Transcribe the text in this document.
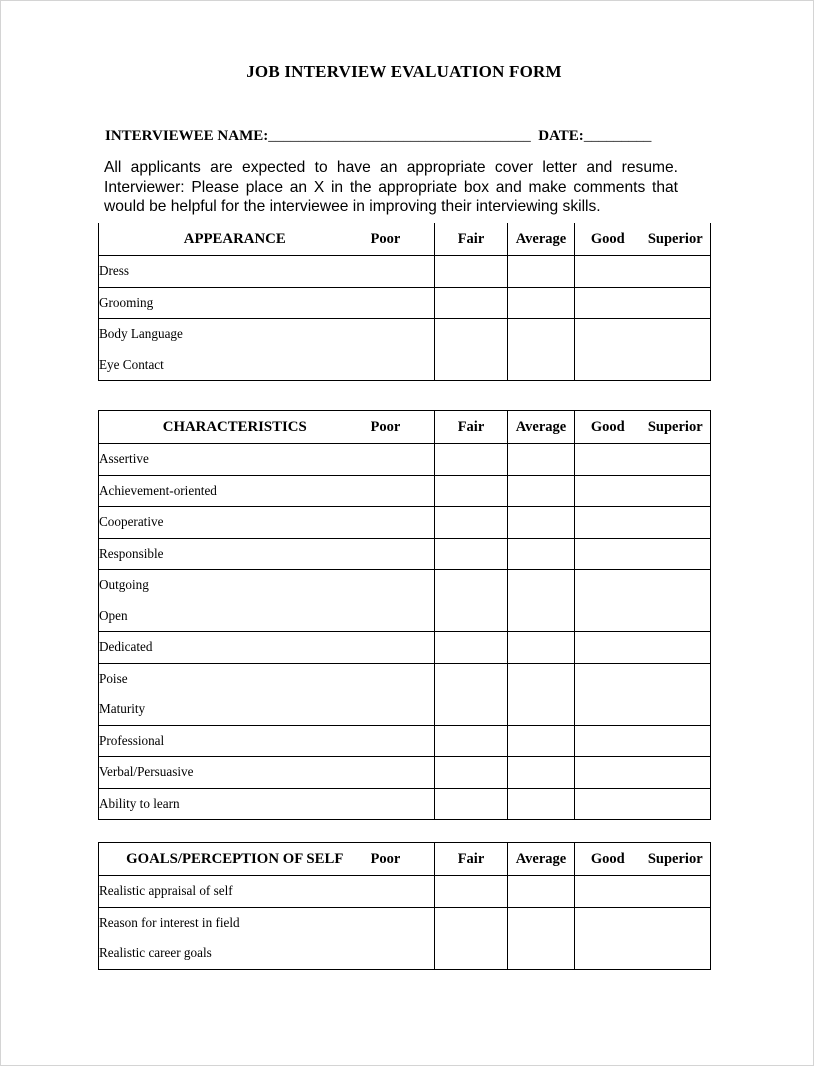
JOB INTERVIEW EVALUATION FORM
INTERVIEWEE NAME:___________________________________ DATE:_________
All applicants are expected to have an appropriate cover letter and resume. Interviewer: Please place an X in the appropriate box and make comments that would be helpful for the interviewee in improving their interviewing skills.
APPEARANCE	Poor	Fair	Average	Good	Superior

Dress					

Grooming					

Body Language
Eye Contact					

CHARACTERISTICS	Poor	Fair	Average	Good	Superior

Assertive					

Achievement-oriented					

Cooperative					

Responsible					

Outgoing
Open					

Dedicated					

Poise
Maturity					

Professional					

Verbal/Persuasive					

Ability to learn					

GOALS/PERCEPTION OF SELF	Poor	Fair	Average	Good	Superior

Realistic appraisal of self					

Reason for interest in field
Realistic career goals					
